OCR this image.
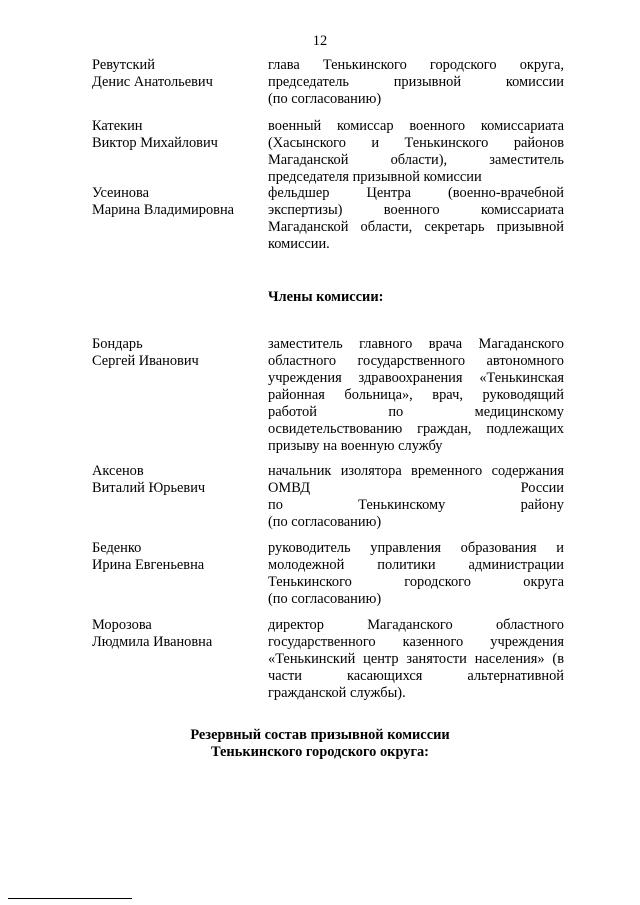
12
Ревутский
Денис Анатольевич
глава Тенькинского городского округа,
председатель призывной комиссии
(по согласованию)
Катекин
Виктор Михайлович
военный комиссар военного комиссариата
(Хасынского и Тенькинского районов
Магаданской области), заместитель
председателя призывной комиссии
Усеинова
Марина Владимировна
фельдшер Центра (военно-врачебной
экспертизы) военного комиссариата
Магаданской области, секретарь призывной
комиссии.
Члены комиссии:
Бондарь
Сергей Иванович
заместитель главного врача Магаданского
областного государственного автономного
учреждения здравоохранения «Тенькинская
районная больница», врач, руководящий
работой по медицинскому
освидетельствованию граждан, подлежащих
призыву на военную службу
Аксенов
Виталий Юрьевич
начальник изолятора временного содержания
ОМВД России
по Тенькинскому району
(по согласованию)
Беденко
Ирина Евгеньевна
руководитель управления образования и
молодежной политики администрации
Тенькинского городского округа
(по согласованию)
Морозова
Людмила Ивановна
директор Магаданского областного
государственного казенного учреждения
«Тенькинский центр занятости населения» (в
части касающихся альтернативной
гражданской службы).
Резервный состав призывной комиссии
Тенькинского городского округа:
